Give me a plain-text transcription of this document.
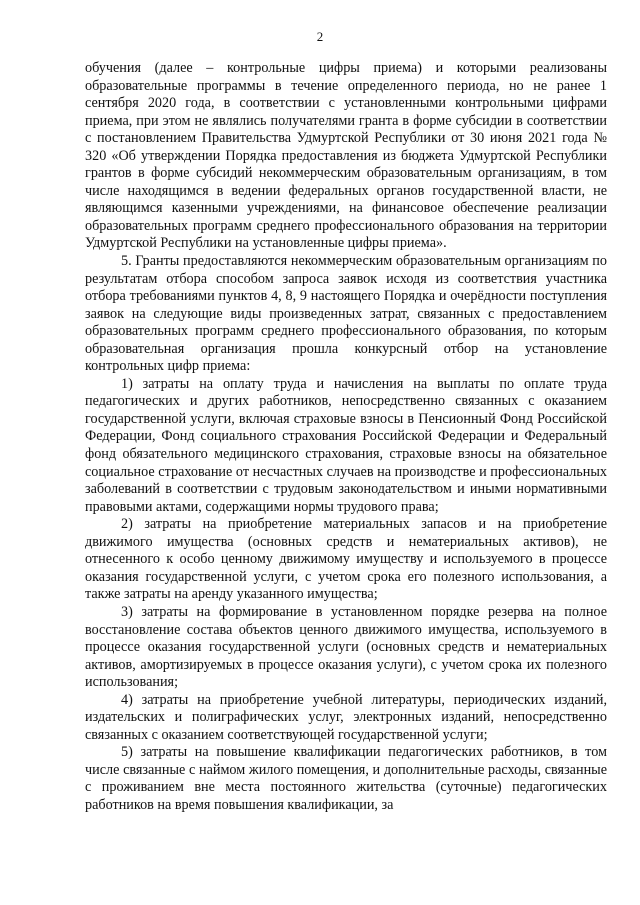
2

обучения (далее – контрольные цифры приема) и которыми реализованы образовательные программы в течение определенного периода, но не ранее 1 сентября 2020 года, в соответствии с установленными контрольными цифрами приема, при этом не являлись получателями гранта в форме субсидии в соответствии с постановлением Правительства Удмуртской Республики от 30 июня 2021 года № 320 «Об утверждении Порядка предоставления из бюджета Удмуртской Республики грантов в форме субсидий некоммерческим образовательным организациям, в том числе находящимся в ведении федеральных органов государственной власти, не являющимся казенными учреждениями, на финансовое обеспечение реализации образовательных программ среднего профессионального образования на территории Удмуртской Республики на установленные цифры приема».

5. Гранты предоставляются некоммерческим образовательным организациям по результатам отбора способом запроса заявок исходя из соответствия участника отбора требованиями пунктов 4, 8, 9 настоящего Порядка и очерёдности поступления заявок на следующие виды произведенных затрат, связанных с предоставлением образовательных программ среднего профессионального образования, по которым образовательная организация прошла конкурсный отбор на установление контрольных цифр приема:

1) затраты на оплату труда и начисления на выплаты по оплате труда педагогических и других работников, непосредственно связанных с оказанием государственной услуги, включая страховые взносы в Пенсионный Фонд Российской Федерации, Фонд социального страхования Российской Федерации и Федеральный фонд обязательного медицинского страхования, страховые взносы на обязательное социальное страхование от несчастных случаев на производстве и профессиональных заболеваний в соответствии с трудовым законодательством и иными нормативными правовыми актами, содержащими нормы трудового права;

2) затраты на приобретение материальных запасов и на приобретение движимого имущества (основных средств и нематериальных активов), не отнесенного к особо ценному движимому имуществу и используемого в процессе оказания государственной услуги, с учетом срока его полезного использования, а также затраты на аренду указанного имущества;

3) затраты на формирование в установленном порядке резерва на полное восстановление состава объектов ценного движимого имущества, используемого в процессе оказания государственной услуги (основных средств и нематериальных активов, амортизируемых в процессе оказания услуги), с учетом срока их полезного использования;

4) затраты на приобретение учебной литературы, периодических изданий, издательских и полиграфических услуг, электронных изданий, непосредственно связанных с оказанием соответствующей государственной услуги;

5) затраты на повышение квалификации педагогических работников, в том числе связанные с наймом жилого помещения, и дополнительные расходы, связанные с проживанием вне места постоянного жительства (суточные) педагогических работников на время повышения квалификации, за
